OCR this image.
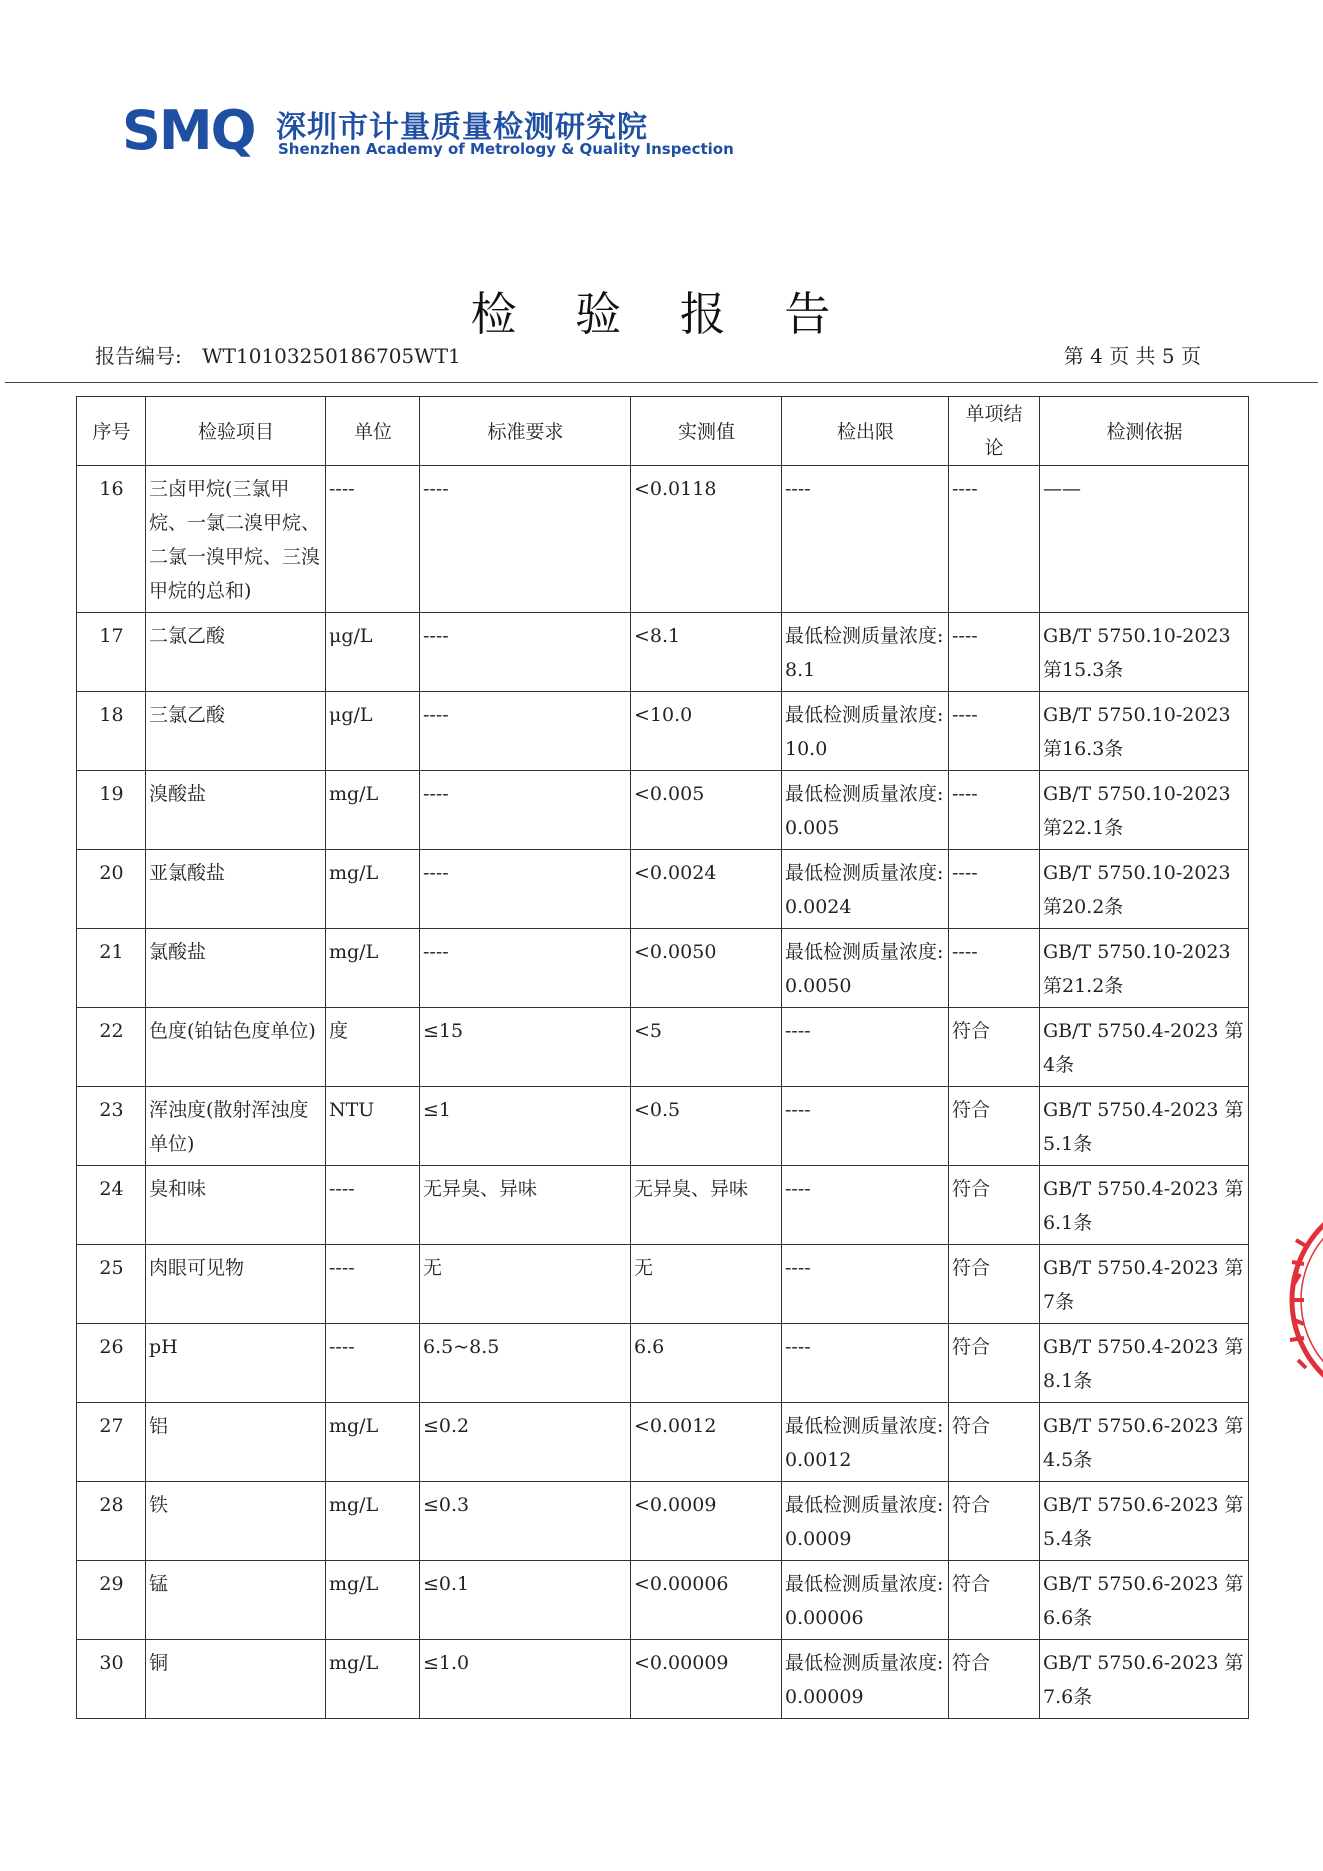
SMQ 深圳市计量质量检测研究院
Shenzhen Academy of Metrology & Quality Inspection
检 验 报 告
报告编号: WT10103250186705WT1	第 4 页 共 5 页
序号	检验项目	单位	标准要求	实测值	检出限	单项结论	检测依据
16	三卤甲烷(三氯甲烷、一氯二溴甲烷、二氯一溴甲烷、三溴甲烷的总和)	----	----	<0.0118	----	----	——
17	二氯乙酸	μg/L	----	<8.1	最低检测质量浓度:8.1	----	GB/T 5750.10-2023 第15.3条
18	三氯乙酸	μg/L	----	<10.0	最低检测质量浓度:10.0	----	GB/T 5750.10-2023 第16.3条
19	溴酸盐	mg/L	----	<0.005	最低检测质量浓度:0.005	----	GB/T 5750.10-2023 第22.1条
20	亚氯酸盐	mg/L	----	<0.0024	最低检测质量浓度:0.0024	----	GB/T 5750.10-2023 第20.2条
21	氯酸盐	mg/L	----	<0.0050	最低检测质量浓度:0.0050	----	GB/T 5750.10-2023 第21.2条
22	色度(铂钴色度单位)	度	≤15	<5	----	符合	GB/T 5750.4-2023 第4条
23	浑浊度(散射浑浊度单位)	NTU	≤1	<0.5	----	符合	GB/T 5750.4-2023 第5.1条
24	臭和味	----	无异臭、异味	无异臭、异味	----	符合	GB/T 5750.4-2023 第6.1条
25	肉眼可见物	----	无	无	----	符合	GB/T 5750.4-2023 第7条
26	pH	----	6.5~8.5	6.6	----	符合	GB/T 5750.4-2023 第8.1条
27	铝	mg/L	≤0.2	<0.0012	最低检测质量浓度:0.0012	符合	GB/T 5750.6-2023 第4.5条
28	铁	mg/L	≤0.3	<0.0009	最低检测质量浓度:0.0009	符合	GB/T 5750.6-2023 第5.4条
29	锰	mg/L	≤0.1	<0.00006	最低检测质量浓度:0.00006	符合	GB/T 5750.6-2023 第6.6条
30	铜	mg/L	≤1.0	<0.00009	最低检测质量浓度:0.00009	符合	GB/T 5750.6-2023 第7.6条
